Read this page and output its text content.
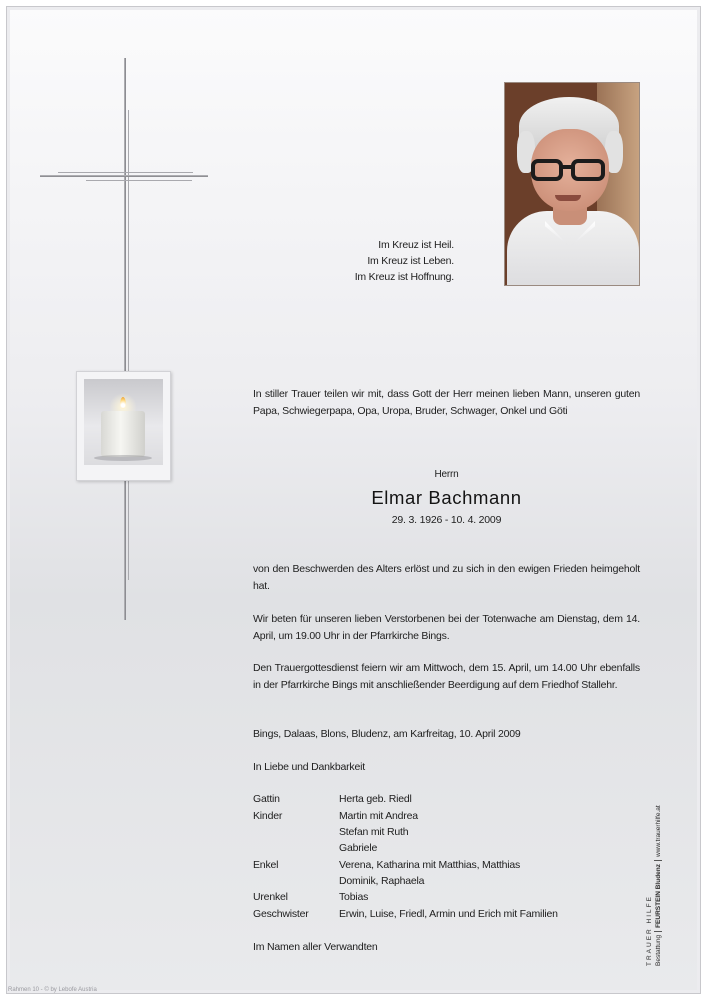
Im Kreuz ist Heil.
Im Kreuz ist Leben.
Im Kreuz ist Hoffnung.
In stiller Trauer teilen wir mit, dass Gott der Herr meinen lieben Mann, unseren guten Papa, Schwiegerpapa, Opa, Uropa, Bruder, Schwager, Onkel und Göti
Herrn
Elmar Bachmann
29. 3. 1926 - 10. 4. 2009
von den Beschwerden des Alters erlöst und zu sich in den ewigen Frieden heimgeholt hat.
Wir beten für unseren lieben Verstorbenen bei der Totenwache am Dienstag, dem 14. April, um 19.00 Uhr in der Pfarrkirche Bings.
Den Trauergottesdienst feiern wir am Mittwoch, dem 15. April, um 14.00 Uhr ebenfalls in der Pfarrkirche Bings mit anschließender Beerdigung auf dem Friedhof Stallehr.
Bings, Dalaas, Blons, Bludenz, am Karfreitag, 10. April 2009
In Liebe und Dankbarkeit
Gattin	Herta geb. Riedl
Kinder	Martin mit Andrea
Stefan mit Ruth
Gabriele
Enkel	Verena, Katharina mit Matthias, Matthias
Dominik, Raphaela
Urenkel	Tobias
Geschwister	Erwin, Luise, Friedl, Armin und Erich mit Familien
Im Namen aller Verwandten	TRAUER HILFE BestattungFEURSTEIN Bludenzwww.trauerhilfe.at
Rahmen 10 - © by Lebofe Austria
